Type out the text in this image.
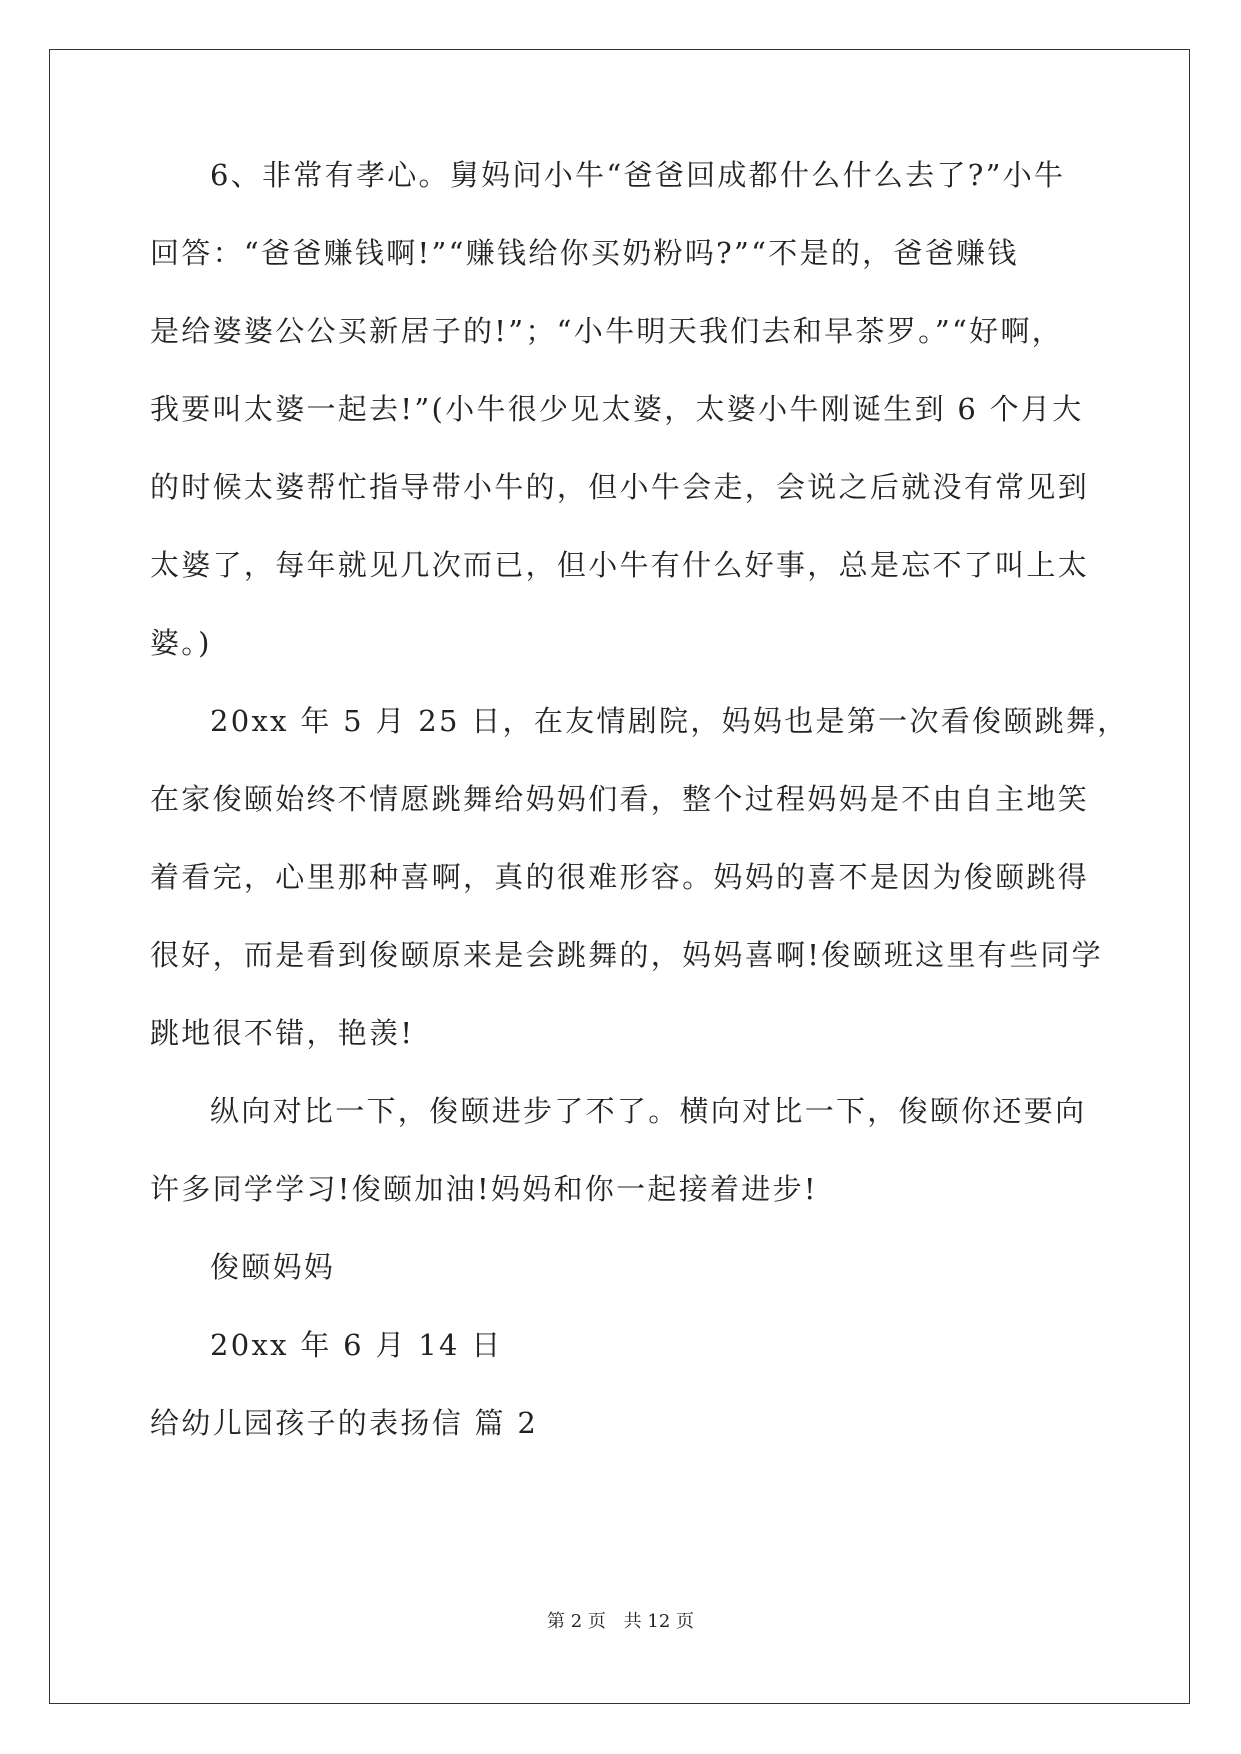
6、非常有孝心。舅妈问小牛“爸爸回成都什么什么去了?”小牛
回答：“爸爸赚钱啊!”“赚钱给你买奶粉吗?”“不是的，爸爸赚钱
是给婆婆公公买新居子的!”；“小牛明天我们去和早茶罗。”“好啊，
我要叫太婆一起去!”(小牛很少见太婆，太婆小牛刚诞生到 6 个月大
的时候太婆帮忙指导带小牛的，但小牛会走，会说之后就没有常见到
太婆了，每年就见几次而已，但小牛有什么好事，总是忘不了叫上太
婆。)
20xx 年 5 月 25 日，在友情剧院，妈妈也是第一次看俊颐跳舞，
在家俊颐始终不情愿跳舞给妈妈们看，整个过程妈妈是不由自主地笑
着看完，心里那种喜啊，真的很难形容。妈妈的喜不是因为俊颐跳得
很好，而是看到俊颐原来是会跳舞的，妈妈喜啊!俊颐班这里有些同学
跳地很不错，艳羡!
纵向对比一下，俊颐进步了不了。横向对比一下，俊颐你还要向
许多同学学习!俊颐加油!妈妈和你一起接着进步!
俊颐妈妈
20xx 年 6 月 14 日
给幼儿园孩子的表扬信 篇 2
第 2 页 共 12 页
